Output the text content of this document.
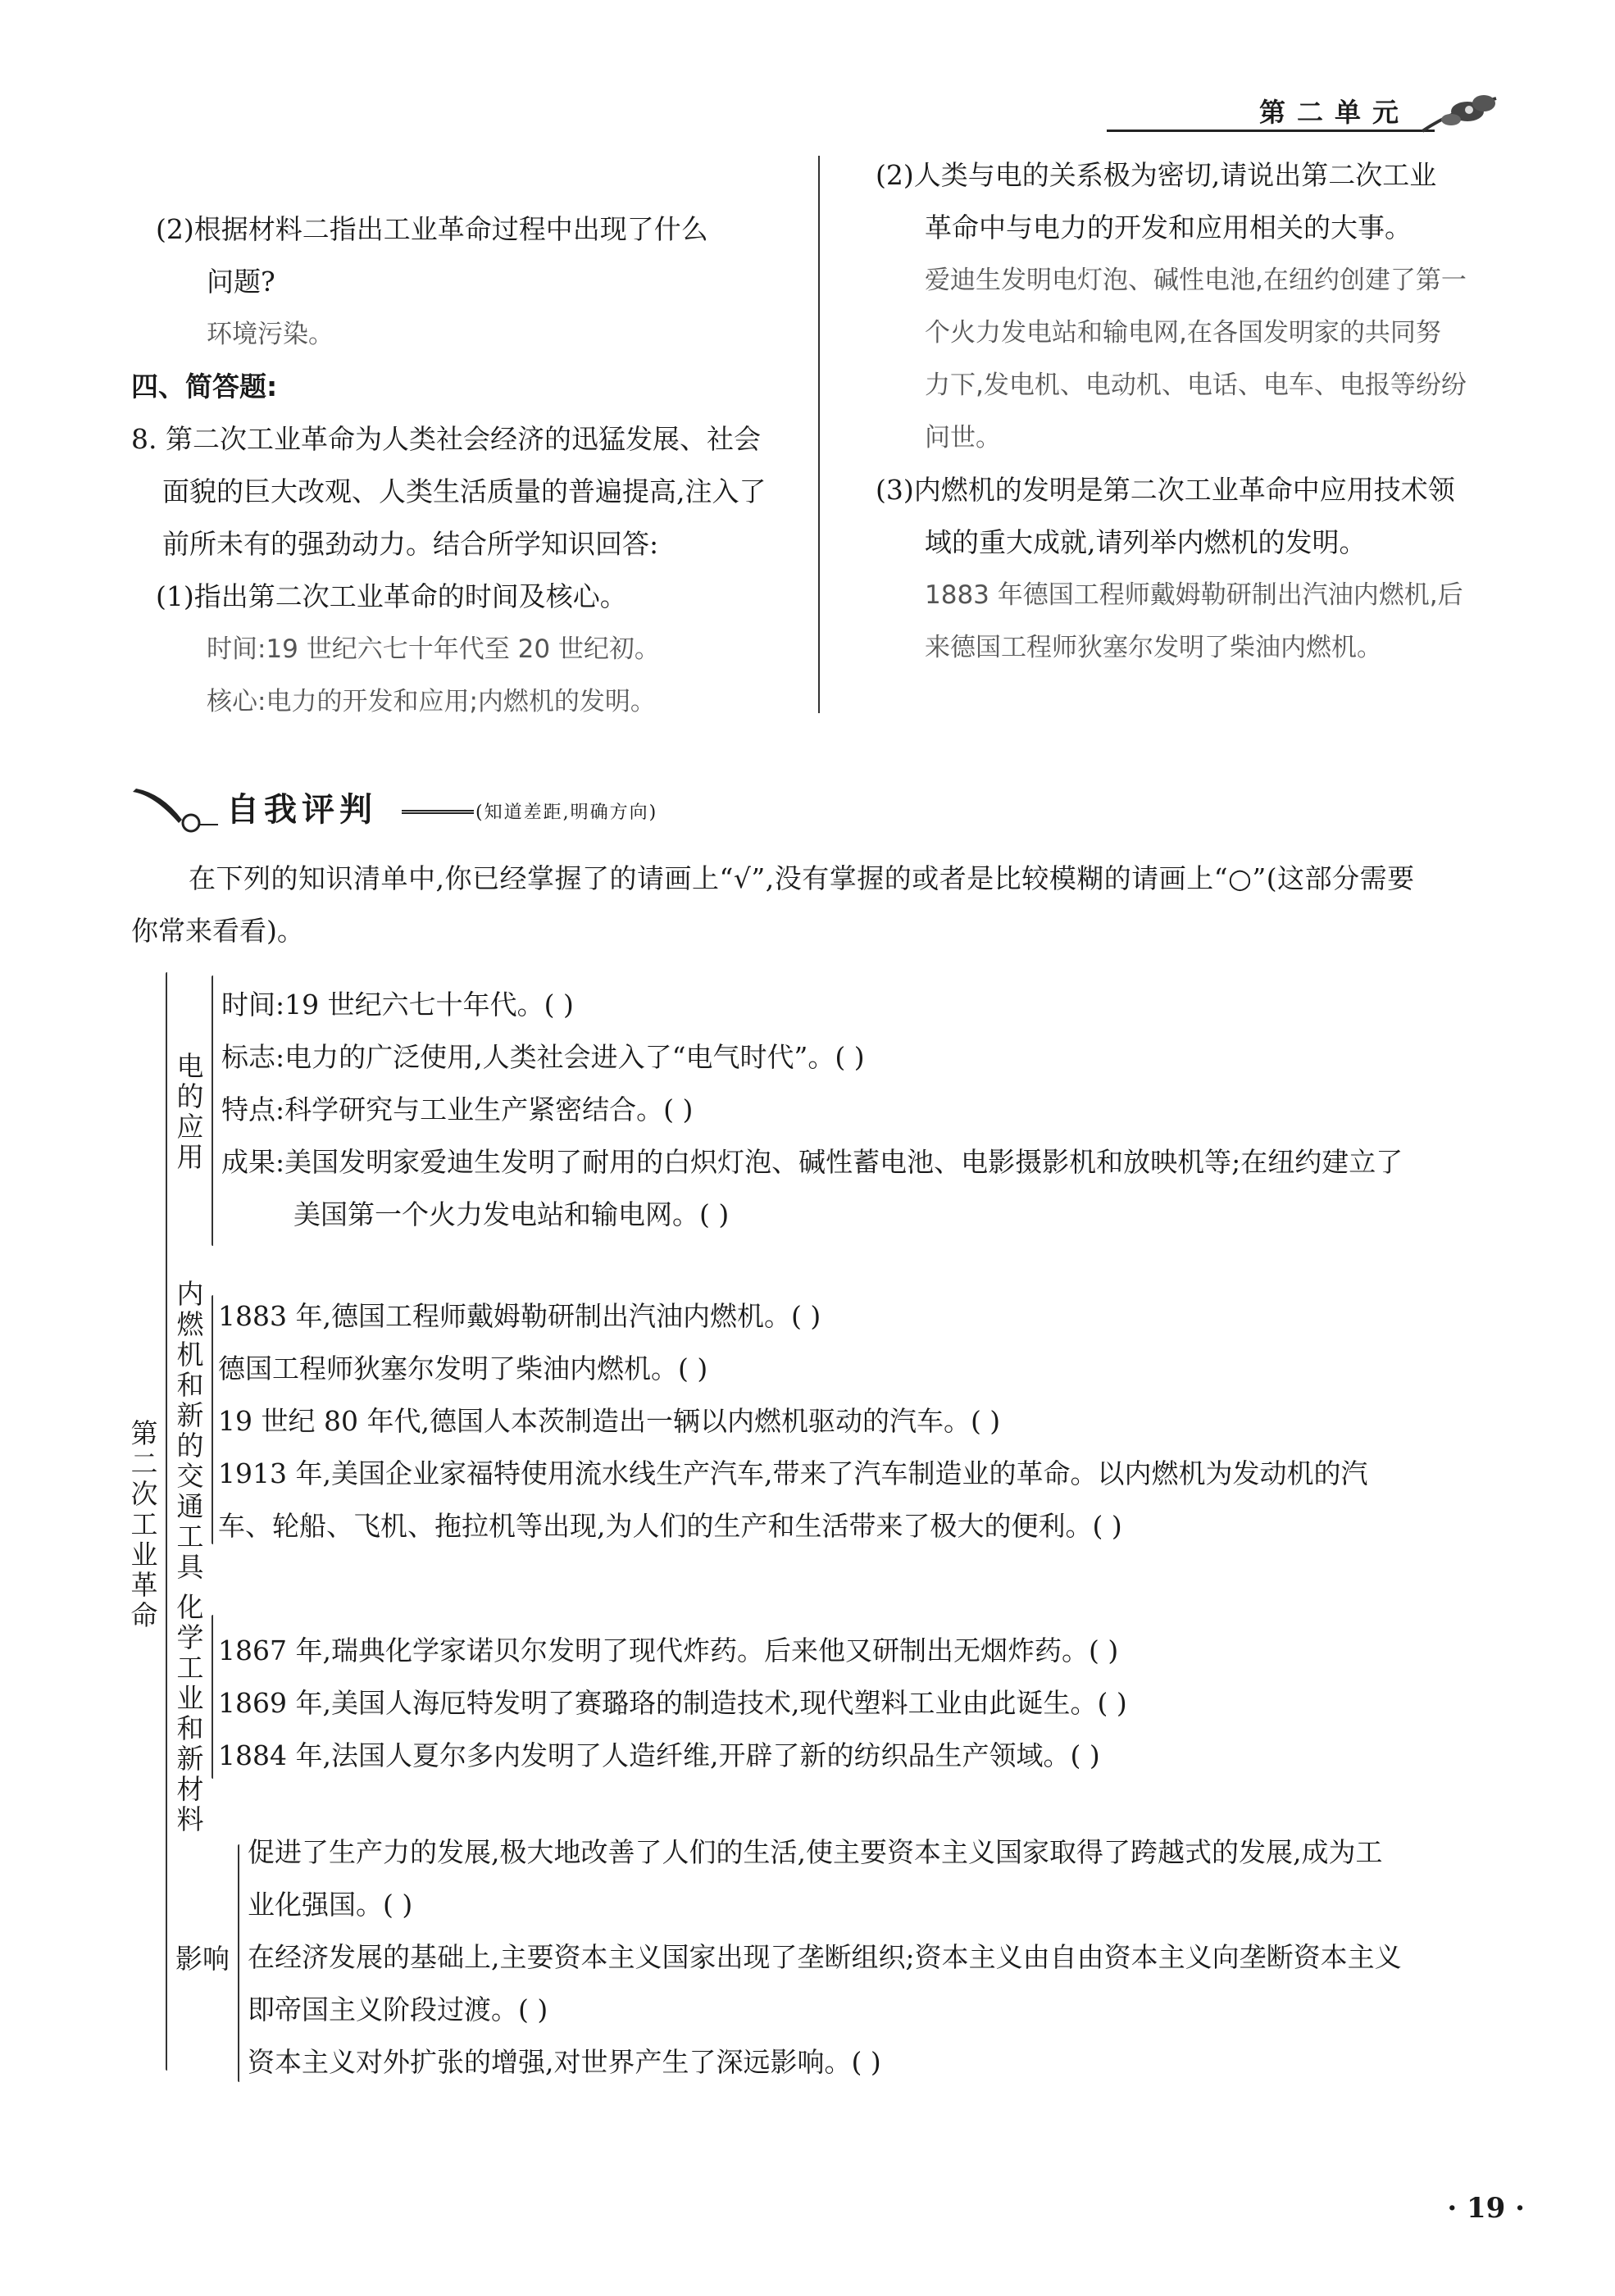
第二单元
(2)根据材料二指出工业革命过程中出现了什么
问题?
环境污染。
四、简答题:
8. 第二次工业革命为人类社会经济的迅猛发展、社会
面貌的巨大改观、人类生活质量的普遍提高,注入了
前所未有的强劲动力。结合所学知识回答:
(1)指出第二次工业革命的时间及核心。
时间:19 世纪六七十年代至 20 世纪初。
核心:电力的开发和应用;内燃机的发明。
(2)人类与电的关系极为密切,请说出第二次工业
革命中与电力的开发和应用相关的大事。
爱迪生发明电灯泡、碱性电池,在纽约创建了第一
个火力发电站和输电网,在各国发明家的共同努
力下,发电机、电动机、电话、电车、电报等纷纷
问世。
(3)内燃机的发明是第二次工业革命中应用技术领
域的重大成就,请列举内燃机的发明。
1883 年德国工程师戴姆勒研制出汽油内燃机,后
来德国工程师狄塞尔发明了柴油内燃机。
自我评判	(知道差距,明确方向)
在下列的知识清单中,你已经掌握了的请画上“√”,没有掌握的或者是比较模糊的请画上“○”(这部分需要
你常来看看)。
第二次工业革命
电的应用
时间:19 世纪六七十年代。( )
标志:电力的广泛使用,人类社会进入了“电气时代”。( )
特点:科学研究与工业生产紧密结合。( )
成果:美国发明家爱迪生发明了耐用的白炽灯泡、碱性蓄电池、电影摄影机和放映机等;在纽约建立了
美国第一个火力发电站和输电网。( )
内燃机和新的交通工具
1883 年,德国工程师戴姆勒研制出汽油内燃机。( )
德国工程师狄塞尔发明了柴油内燃机。( )
19 世纪 80 年代,德国人本茨制造出一辆以内燃机驱动的汽车。( )
1913 年,美国企业家福特使用流水线生产汽车,带来了汽车制造业的革命。以内燃机为发动机的汽
车、轮船、飞机、拖拉机等出现,为人们的生产和生活带来了极大的便利。( )
化学工业和新材料
1867 年,瑞典化学家诺贝尔发明了现代炸药。后来他又研制出无烟炸药。( )
1869 年,美国人海厄特发明了赛璐珞的制造技术,现代塑料工业由此诞生。( )
1884 年,法国人夏尔多内发明了人造纤维,开辟了新的纺织品生产领域。( )
影响
促进了生产力的发展,极大地改善了人们的生活,使主要资本主义国家取得了跨越式的发展,成为工
业化强国。( )
在经济发展的基础上,主要资本主义国家出现了垄断组织;资本主义由自由资本主义向垄断资本主义
即帝国主义阶段过渡。( )
资本主义对外扩张的增强,对世界产生了深远影响。( )
· 19 ·
